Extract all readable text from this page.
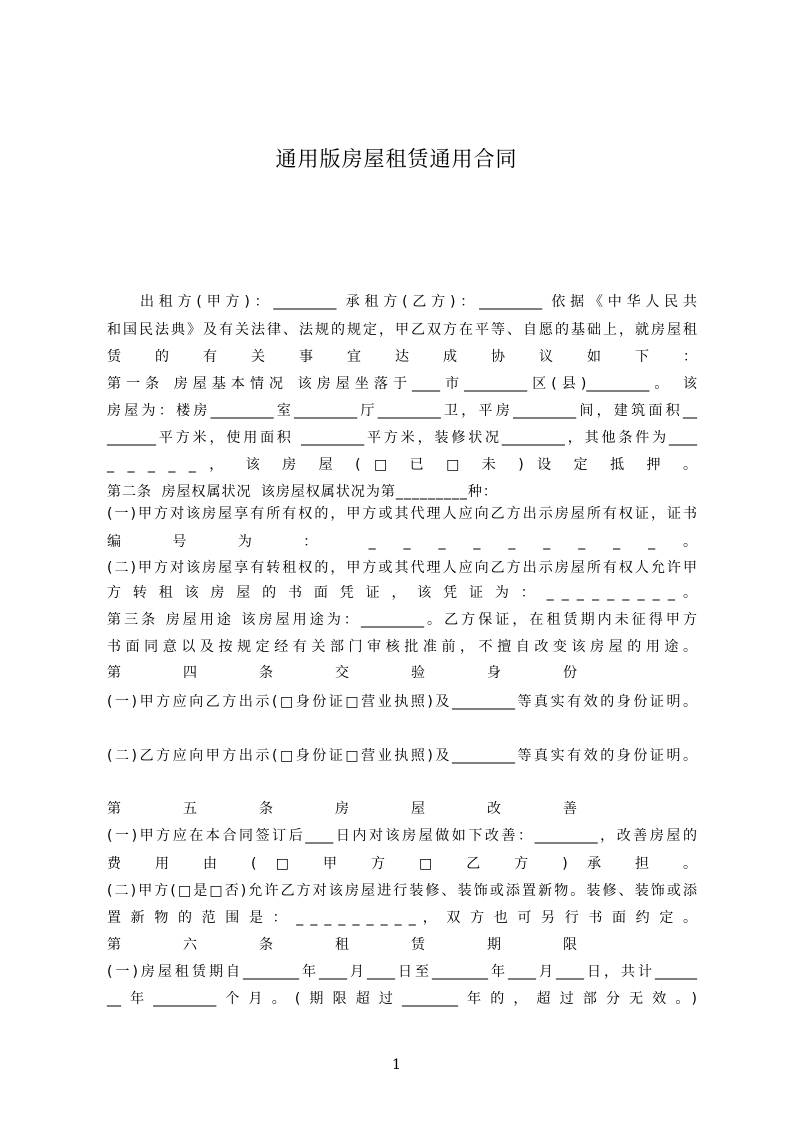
通用版房屋租赁通用合同
出租方(甲方)：_________ 承租方(乙方)：_________ 依据《中华人民共
和国民法典》及有关法律、法规的规定，甲乙双方在平等、自愿的基础上，就房屋租
赁 的 有 关 事 宜 达 成 协 议 如 下 ：
第一条 房屋基本情况 该房屋坐落于____市_________区(县)_________。 该
房屋为：楼房_________室_________厅_________卫，平房_________间，建筑面积__
_______平方米，使用面积 _________平方米，装修状况_________，其他条件为____
_ _ _ _ _ ， 该 房 屋 ( □ 已 □ 未 ) 设 定 抵 押 。
第二条 房屋权属状况 该房屋权属状况为第_________种：
(一)甲方对该房屋享有所有权的，甲方或其代理人应向乙方出示房屋所有权证，证书
编 号 为 ： _ _ _ _ _ _ _ _ _ 。
(二)甲方对该房屋享有转租权的，甲方或其代理人应向乙方出示房屋所有权人允许甲
方 转 租 该 房 屋 的 书 面 凭 证 ， 该 凭 证 为 ： _ _ _ _ _ _ _ _ _ 。
第三条 房屋用途 该房屋用途为：_________。乙方保证，在租赁期内未征得甲方
书面同意以及按规定经有关部门审核批准前，不擅自改变该房屋的用途。
第 四 条 交 验 身 份
(一)甲方应向乙方出示(□身份证□营业执照)及_________等真实有效的身份证明。
(二)乙方应向甲方出示(□身份证□营业执照)及_________等真实有效的身份证明。
第 五 条 房 屋 改 善
(一)甲方应在本合同签订后____日内对该房屋做如下改善：_________，改善房屋的
费 用 由 ( □ 甲 方 □ 乙 方 ) 承 担 。
(二)甲方(□是□否)允许乙方对该房屋进行装修、装饰或添置新物。装修、装饰或添
置 新 物 的 范 围 是 ： _ _ _ _ _ _ _ _ _ ， 双 方 也 可 另 行 书 面 约 定 。
第 六 条 租 赁 期 限
(一)房屋租赁期自________年____月____日至________年____月____日，共计______
__年_________个月。(期限超过________年的，超过部分无效。)
1
